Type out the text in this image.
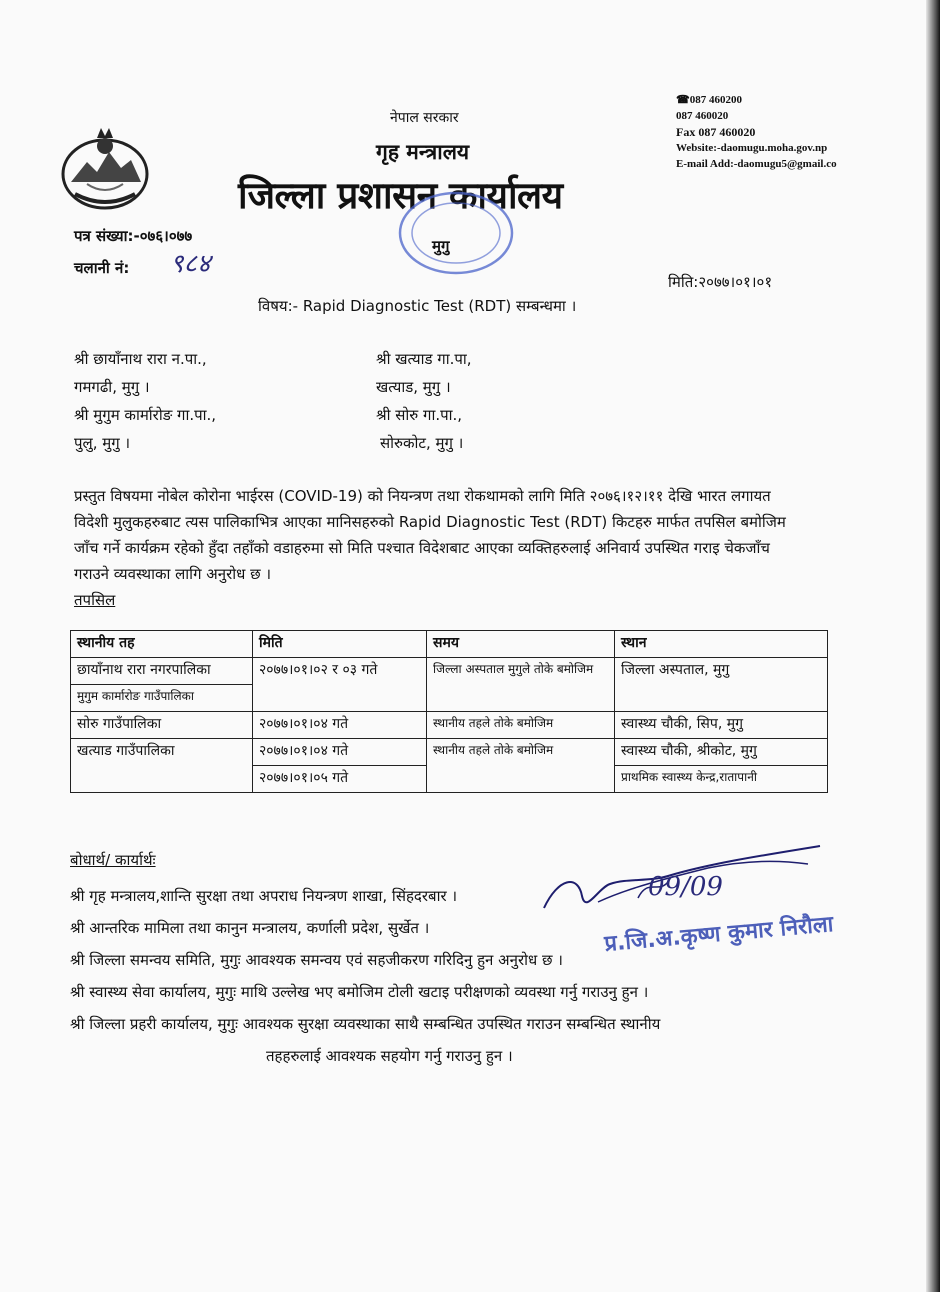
☎087 460200
087 460020
Fax 087 460020
Website:-daomugu.moha.gov.np
E-mail Add:-daomugu5@gmail.co
नेपाल सरकार
गृह मन्त्रालय
जिल्ला प्रशासन कार्यालय
मुगु
पत्र संख्या:-०७६।०७७
चलानी नं: ९८४
मिति:२०७७।०१।०१
विषय:- Rapid Diagnostic Test (RDT) सम्बन्धमा ।
श्री छायाँनाथ रारा न.पा.,
गमगढी, मुगु ।
श्री मुगुम कार्मारोङ गा.पा.,
पुलु, मुगु ।
श्री खत्याड गा.पा,
खत्याड, मुगु ।
श्री सोरु गा.पा.,
सोरुकोट, मुगु ।
प्रस्तुत विषयमा नोबेल कोरोना भाईरस (COVID-19) को नियन्त्रण तथा रोकथामको लागि मिति २०७६।१२।११ देखि भारत लगायत विदेशी मुलुकहरुबाट त्यस पालिकाभित्र आएका मानिसहरुको Rapid Diagnostic Test (RDT) किटहरु मार्फत तपसिल बमोजिम जाँच गर्ने कार्यक्रम रहेको हुँदा तहाँको वडाहरुमा सो मिति पश्चात विदेशबाट आएका व्यक्तिहरुलाई अनिवार्य उपस्थित गराइ चेकजाँच गराउने व्यवस्थाका लागि अनुरोध छ ।
तपसिल
स्थानीय तह	मिति	समय	स्थान
छायाँनाथ रारा नगरपालिका	२०७७।०१।०२ र ०३ गते	जिल्ला अस्पताल मुगुले तोके बमोजिम	जिल्ला अस्पताल, मुगु
मुगुम कार्मारोङ गाउँपालिका			
सोरु गाउँपालिका	२०७७।०१।०४ गते	स्थानीय तहले तोके बमोजिम	स्वास्थ्य चौकी, सिप, मुगु
खत्याड गाउँपालिका	२०७७।०१।०४ गते	स्थानीय तहले तोके बमोजिम	स्वास्थ्य चौकी, श्रीकोट, मुगु
	२०७७।०१।०५ गते		प्राथमिक स्वास्थ्य केन्द्र,रातापानी
बोधार्थ/ कार्यार्थः
श्री गृह मन्त्रालय,शान्ति सुरक्षा तथा अपराध नियन्त्रण शाखा, सिंहदरबार ।
श्री आन्तरिक मामिला तथा कानुन मन्त्रालय, कर्णाली प्रदेश, सुर्खेत ।
श्री जिल्ला समन्वय समिति, मुगुः आवश्यक समन्वय एवं सहजीकरण गरिदिनु हुन अनुरोध छ ।
श्री स्वास्थ्य सेवा कार्यालय, मुगुः माथि उल्लेख भए बमोजिम टोली खटाइ परीक्षणको व्यवस्था गर्नु गराउनु हुन ।
श्री जिल्ला प्रहरी कार्यालय, मुगुः आवश्यक सुरक्षा व्यवस्थाका साथै सम्बन्धित उपस्थित गराउन सम्बन्धित स्थानीय
तहहरुलाई आवश्यक सहयोग गर्नु गराउनु हुन ।
09/09
प्र.जि.अ.कृष्ण कुमार निरौला
